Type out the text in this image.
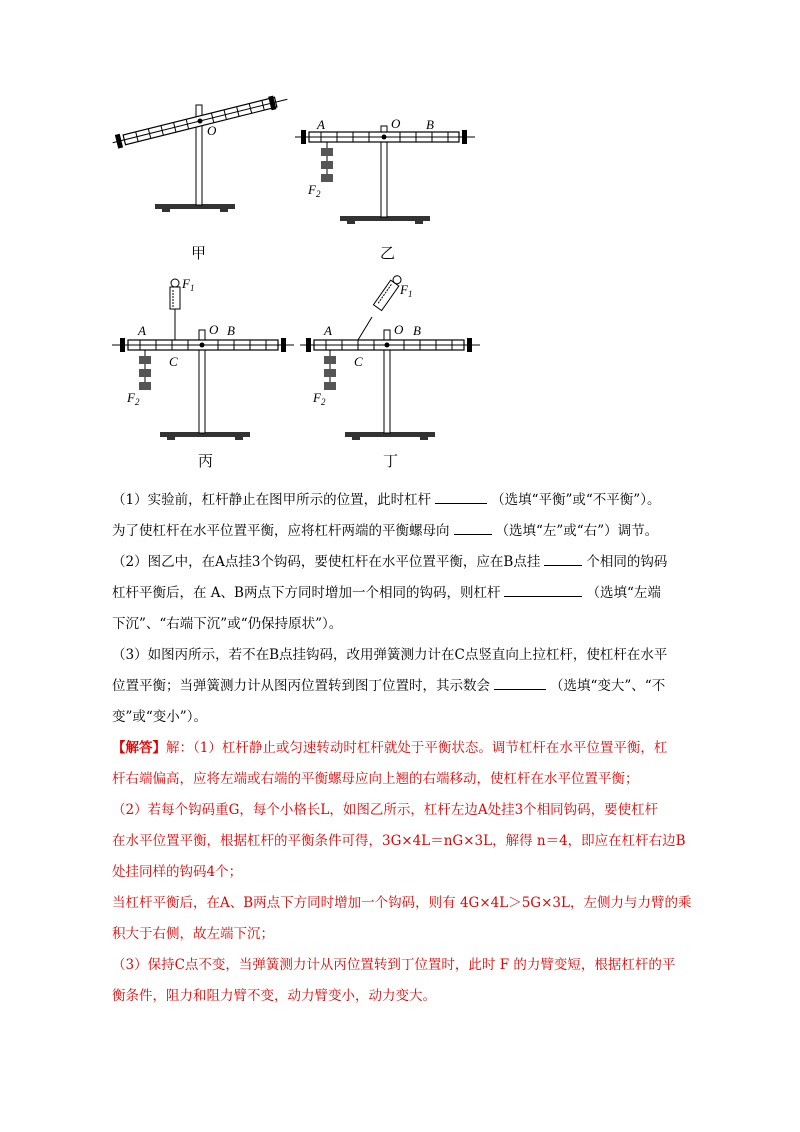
O
甲
A	O B
F 2
乙
F 1
A	O B
C
F 2
丙
F 1
A	O B
C
F 2
丁
（1）实验前，杠杆静止在图甲所示的位置，此时杠杆	（选填“平衡”或“不平衡”）。
为了使杠杆在水平位置平衡，应将杠杆两端的平衡螺母向	（选填“左”或“右”）调节。
（2）图乙中，在A点挂3个钩码，要使杠杆在水平位置平衡，应在B点挂	个相同的钩码
杠杆平衡后，在 A、B两点下方同时增加一个相同的钩码，则杠杆	（选填“左端
下沉”、“右端下沉”或“仍保持原状”）。
（3）如图丙所示，若不在B点挂钩码，改用弹簧测力计在C点竖直向上拉杠杆，使杠杆在水平
位置平衡；当弹簧测力计从图丙位置转到图丁位置时，其示数会	（选填“变大”、“不
变”或“变小”）。
【解答】解：（1）杠杆静止或匀速转动时杠杆就处于平衡状态。调节杠杆在水平位置平衡，杠
杆右端偏高，应将左端或右端的平衡螺母应向上翘的右端移动，使杠杆在水平位置平衡；
（2）若每个钩码重G，每个小格长L，如图乙所示，杠杆左边A处挂3个相同钩码，要使杠杆
在水平位置平衡，根据杠杆的平衡条件可得，3G×4L＝nG×3L，解得 n＝4，即应在杠杆右边B
处挂同样的钩码4个；
当杠杆平衡后，在A、B两点下方同时增加一个钩码，则有 4G×4L＞5G×3L，左侧力与力臂的乘
积大于右侧，故左端下沉；
（3）保持C点不变，当弹簧测力计从丙位置转到丁位置时，此时 F 的力臂变短，根据杠杆的平
衡条件，阻力和阻力臂不变，动力臂变小，动力变大。
